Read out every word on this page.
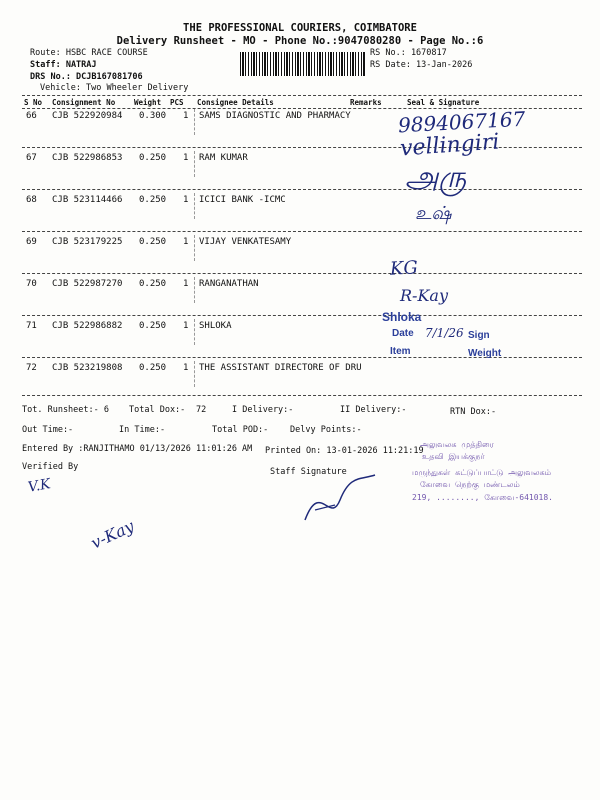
THE PROFESSIONAL COURIERS, COIMBATORE
Delivery Runsheet - MO - Phone No.:9047080280 - Page No.:6
Route: HSBC RACE COURSE
Staff: NATRAJ
DRS No.: DCJB167081706
Vehicle: Two Wheeler Delivery
RS No.: 1670817
RS Date: 13-Jan-2026
S No Consignment No	Weight PCS Consignee Details	Remarks	Seal & Signature
66 CJB 522920984 0.300 1 SAMS DIAGNOSTIC AND PHARMACY
67 CJB 522986853 0.250 1 RAM KUMAR
68 CJB 523114466 0.250 1 ICICI BANK -ICMC
69 CJB 523179225 0.250 1 VIJAY VENKATESAMY
70 CJB 522987270 0.250 1 RANGANATHAN
71 CJB 522986882 0.250 1 SHLOKA
72 CJB 523219808 0.250 1 THE ASSISTANT DIRECTORE OF DRU
Tot. Runsheet:- 6 Total Dox:- 72	I Delivery:-	II Delivery:-	RTN Dox:-
Out Time:-	In Time:-	Total POD:-	Delvy Points:-
Entered By :RANJITHAMO 01/13/2026 11:01:26 AM Printed On: 13-01-2026 11:21:19
Verified By	Staff Signature
9894067167
vellingiri
அரு
உஷ்
KG
R-Kay
V.K
v-Kay
Shloka
Date 7/1/26 Sign
Item	Weight
அலுவலக முத்திரை
உதவி இயக்குநர்
மருந்துகள் கட்டுப்பாட்டு அலுவலகம்
கோவை நெற்கு மண்டலம்
219, ........, கோவை-641018.
